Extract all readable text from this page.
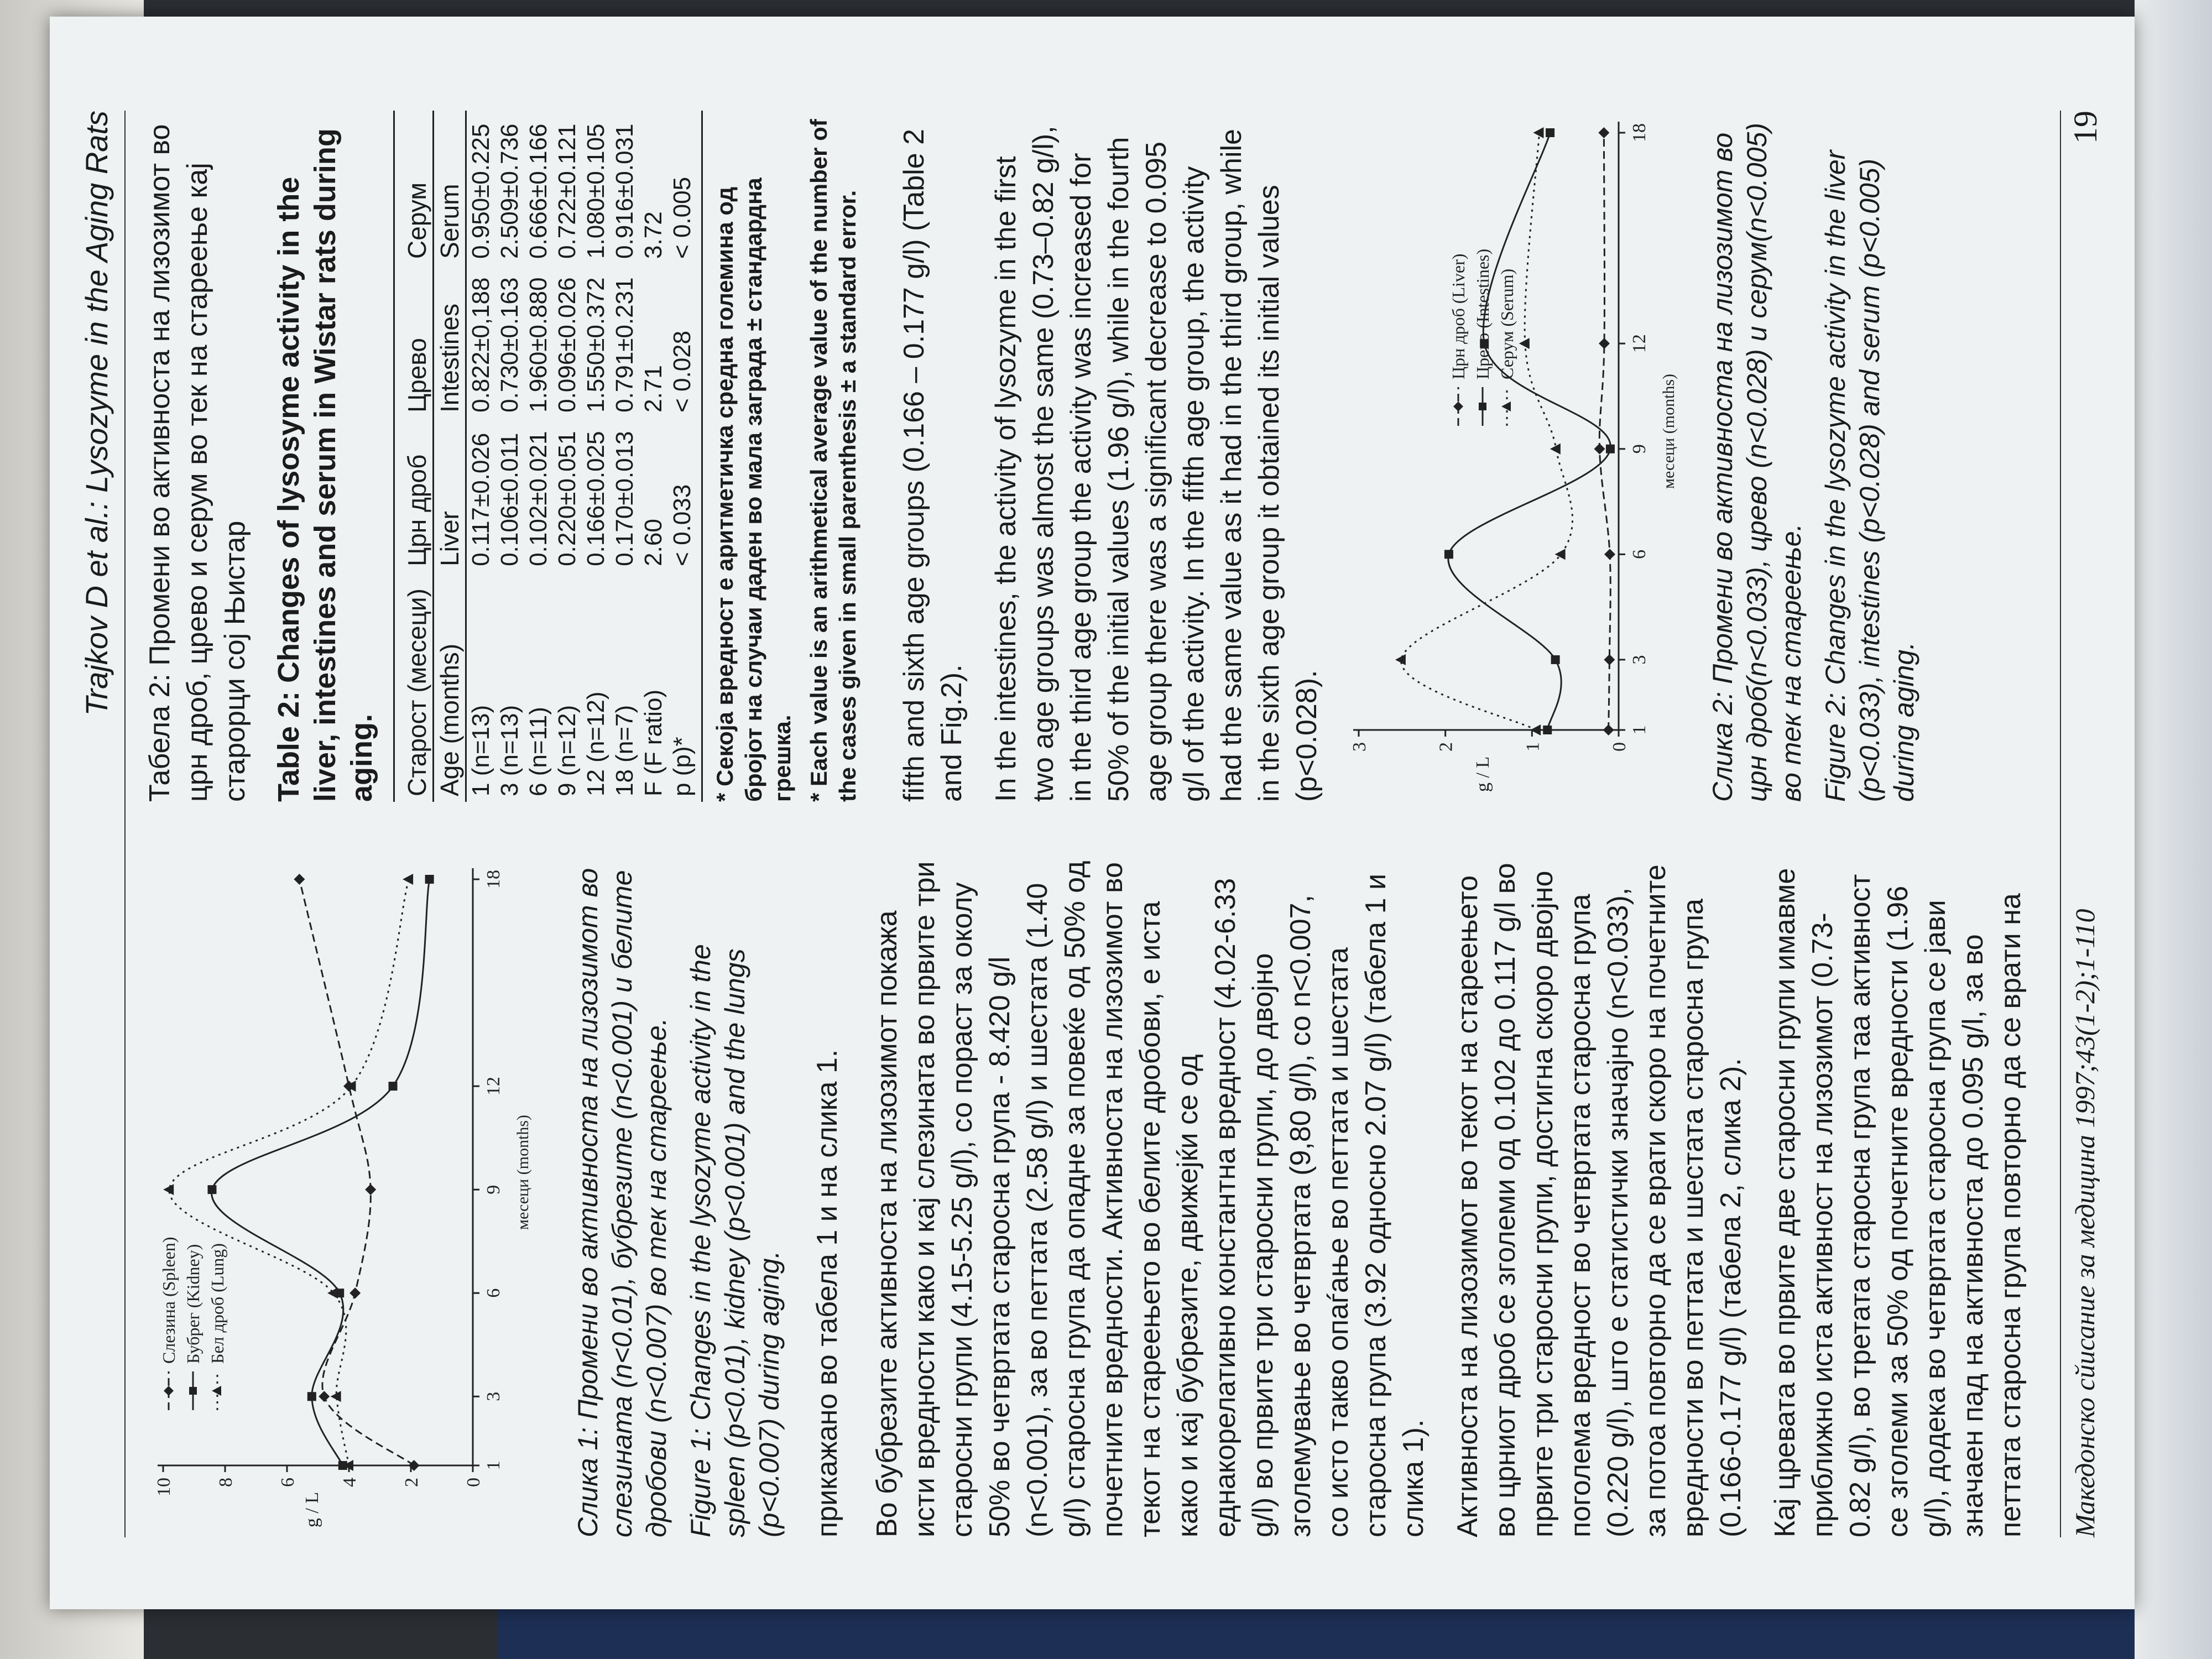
Trajkov D et al.: Lysozyme in the Aging Rats
0
2
4
6
8
10
1
3
6
9
12
18
g / L
месеци (months)
Слезина (Spleen) Бубрег (Kidney) Бел дроб (Lung)	Слика 1: Промени во активноста на лизозимот во слезината (n<0.01), бубрезите (n<0.001) и белите дробови (n<0.007) во тек на стареење. Figure 1: Changes in the lysozyme activity in the spleen (p<0.01), kidney (p<0.001) and the lungs (p<0.007) during aging. прикажано во табела 1 и на слика 1. Во бубрезите активноста на лизозимот покажа исти вредности како и кај слезината во првите три старосни групи (4.15-5.25 g/l), со пораст за околу 50% во четвртата старосна група - 8.420 g/l (n<0.001), за во петтата (2.58 g/l) и шестата (1.40 g/l) старосна група да опадне за повеќе од 50% од почетните вредности. Активноста на лизозимот во текот на стареењето во белите дробови, е иста како и кај бубрезите, движејќи се од еднакорелативно константна вредност (4.02-6.33 g/l) во првите три старосни групи, до двојно зголемување во четвртата (9,80 g/l), со n<0.007, со исто такво опаѓање во петтата и шестата старосна група (3.92 односно 2.07 g/l) (табела 1 и слика 1). Активноста на лизозимот во текот на стареењето во црниот дроб се зголеми од 0.102 до 0.117 g/l во првите три старосни групи, достигна скоро двојно поголема вредност во четвртата старосна група (0.220 g/l), што е статистички значајно (n<0.033), за потоа повторно да се врати скоро на почетните вредности во петтата и шестата старосна група (0.166-0.177 g/l) (табела 2, слика 2). Кај цревата во првите две старосни групи имавме приближно иста активност на лизозимот (0.73-0.82 g/l), во третата старосна група таа активност се зголеми за 50% од почетните вредности (1.96 g/l), додека во четвртата старосна група се јави значаен пад на активноста до 0.095 g/l, за во петтата старосна група повторно да се врати на

Табела 2: Промени во активноста на лизозимот во црн дроб, црево и серум во тек на стареење кај старорци сој Њистар Table 2: Changes of lysosyme activity in the liver, intestines and serum in Wistar rats during aging. Старост (месеци)	Црн дроб	Црево	Серум
Age (months)	Liver	Intestines	Serum
1 (n=13)	0.117±0.026	0.822±0,188	0.950±0.225
3 (n=13)	0.106±0.011	0.730±0.163	2.509±0.736
6 (n=11)	0.102±0.021	1.960±0.880	0.666±0.166
9 (n=12)	0.220±0.051	0.096±0.026	0.722±0.121
12 (n=12)	0.166±0.025	1.550±0.372	1.080±0.105
18 (n=7)	0.170±0.013	0.791±0.231	0.916±0.031
F (F ratio)	2.60	2.71	3.72
p (p)*	< 0.033	< 0.028	< 0.005 * Секоја вредност е аритметичка средна големина од бројот на случаи даден во мала заграда ± стандардна грешка. * Each value is an arithmetical average value of the number of the cases given in small parenthesis ± a standard error. fifth and sixth age groups (0.166 – 0.177 g/l) (Table 2 and Fig.2). In the intestines, the activity of lysozyme in the first two age groups was almost the same (0.73–0.82 g/l), in the third age group the activity was increased for 50% of the initial values (1.96 g/l), while in the fourth age group there was a significant decrease to 0.095 g/l of the activity. In the fifth age group, the activity had the same value as it had in the third group, while in the sixth age group it obtained its initial values (p<0.028).	0
1
2
3
1
3
6
9
12
18
g / L
месеци (months)
Црн дроб (Liver) Црево (Intestines) Серум (Serum)	Слика 2: Промени во активноста на лизозимот во црн дроб(n<0.033), црево (n<0.028) и серум(n<0.005) во тек на стареење. Figure 2: Changes in the lysozyme activity in the liver (p<0.033), intestines (p<0.028) and serum (p<0.005) during aging.

Македонско сйисание за медицина 1997;43(1-2);1-110
19
